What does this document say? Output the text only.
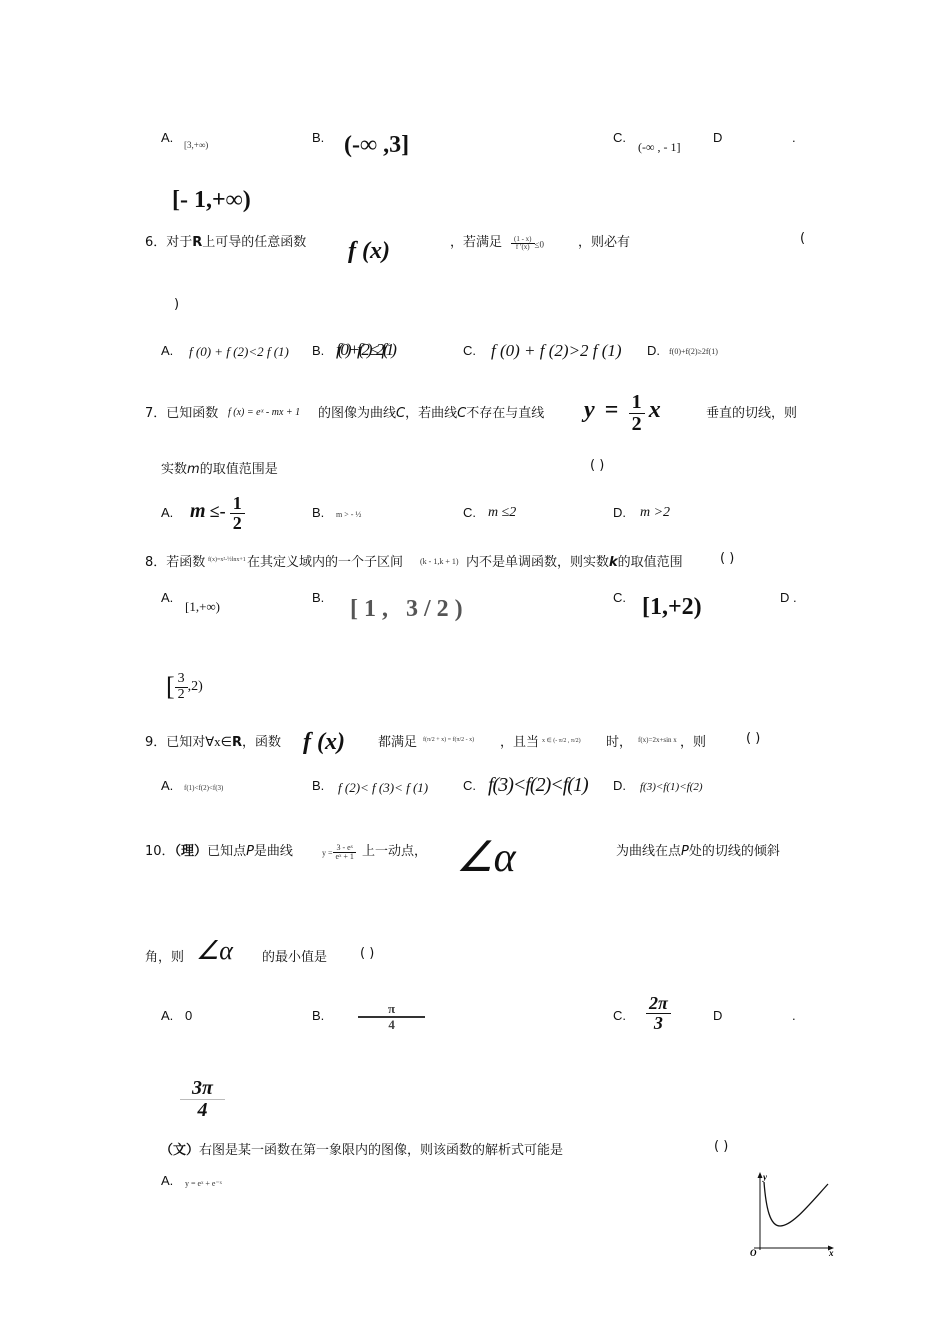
A. [3,+∞)	B. (-∞ ,3]	C.
(-∞ , - 1]
D	.
[- 1,+∞)
6．对于R上可导的任意函数 f (x)	，若满足 $\frac{(1 - x)}{f '(x)} \le 0$	，则必有	(
)
A. f (0) + f (2)<2 f (1) B. f(0)+f(2)≤2f(1)	C. f (0) + f (2)>2 f (1) D. f(0)+f(2)≥2f(1)
7．已知函数 f (x) = eˣ - mx + 1 的图像为曲线C，若曲线C不存在与直线 $y = \frac{1}{2}$ x	垂直的切线，则
实数m的取值范围是	( )
A. $m \le- \frac{1}{2}$	B. m > - ½	C. m ≤2	D. m >2
8．若函数 f(x)=x²-½lnx+1 在其定义域内的一个子区间 (k - 1,k + 1) 内不是单调函数，则实数k的取值范围	( )
A.
[1,+∞)
B. [1, 3/2)	C. [1,+2)	D .
[ $\frac{3}{2} ,2$)
9．已知对∀x∈R，函数 f (x)	都满足 f(π/2 + x) = f(π/2 - x) ，且当 x ∈ (- π/2 , π/2) 时， f(x)=2x+sin x ，则	( )
A. f(1)<f(2)<f(3)	B. f (2)< f (3)< f (1)	C. f(3)<f(2)<f(1) D. f(3)<f(1)<f(2)
10．（理）已知点P是曲线	$y = \frac{\text{3 - eˣ}}{\text{eˣ + 1}}$ 上一动点， ∠α	为曲线在点P处的切线的倾斜
角，则 ∠α 的最小值是	( )
A. 0	B.	$\frac{\pi}{4}$	C. $\frac{2\pi}{3}$	D	.
$\frac{3\pi}{4}$
（文）右图是某一函数在第一象限内的图像，则该函数的解析式可能是	( )
A. y = eˣ + e⁻ˣ
y
x
O
